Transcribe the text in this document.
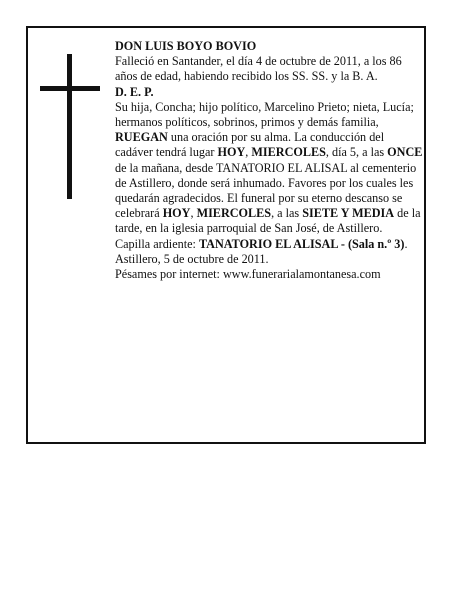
DON LUIS BOYO BOVIO

Falleció en Santander, el día 4 de octubre de 2011, a los 86 años de edad, habiendo recibido los SS. SS. y la B. A.

D. E. P.

Su hija, Concha; hijo político, Marcelino Prieto; nieta, Lucía; hermanos políticos, sobrinos, primos y demás familia,

RUEGAN una oración por su alma. La conducción del cadáver tendrá lugar HOY, MIERCOLES, día 5, a las ONCE de la mañana, desde TANATORIO EL ALISAL al cementerio de Astillero, donde será inhumado. Favores por los cuales les quedarán agradecidos. El funeral por su eterno descanso se celebrará HOY, MIERCOLES, a las SIETE Y MEDIA de la tarde, en la iglesia parroquial de San José, de Astillero.

Capilla ardiente: TANATORIO EL ALISAL - (Sala n.º 3).

Astillero, 5 de octubre de 2011.

Pésames por internet: www.funerarialamontanesa.com
